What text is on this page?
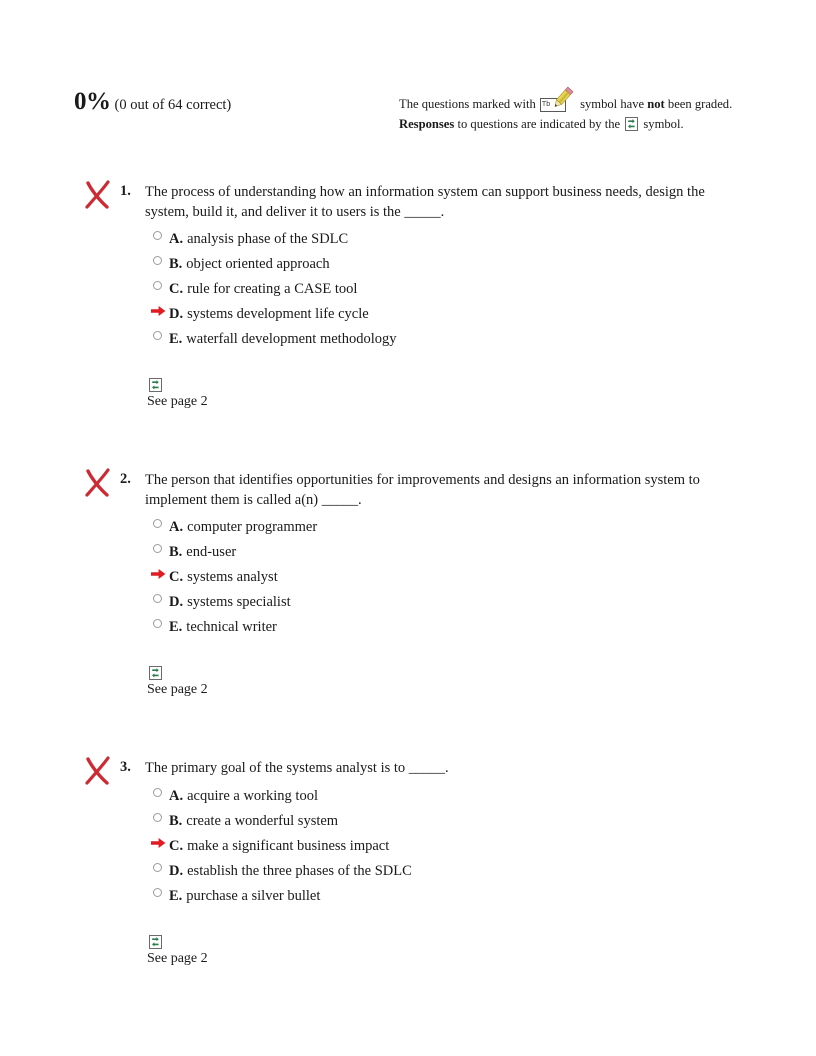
0% (0 out of 64 correct)	The questions marked with Tb	symbol have not been graded.
Responses to questions are indicated by the symbol.
1. The process of understanding how an information system can support business needs, design the system, build it, and deliver it to users is the _____.
A. analysis phase of the SDLC
B. object oriented approach
C. rule for creating a CASE tool
D. systems development life cycle
E. waterfall development methodology
See page 2
2. The person that identifies opportunities for improvements and designs an information system to implement them is called a(n) _____.
A. computer programmer
B. end-user
C. systems analyst
D. systems specialist
E. technical writer
See page 2
3. The primary goal of the systems analyst is to _____.
A. acquire a working tool
B. create a wonderful system
C. make a significant business impact
D. establish the three phases of the SDLC
E. purchase a silver bullet
See page 2
